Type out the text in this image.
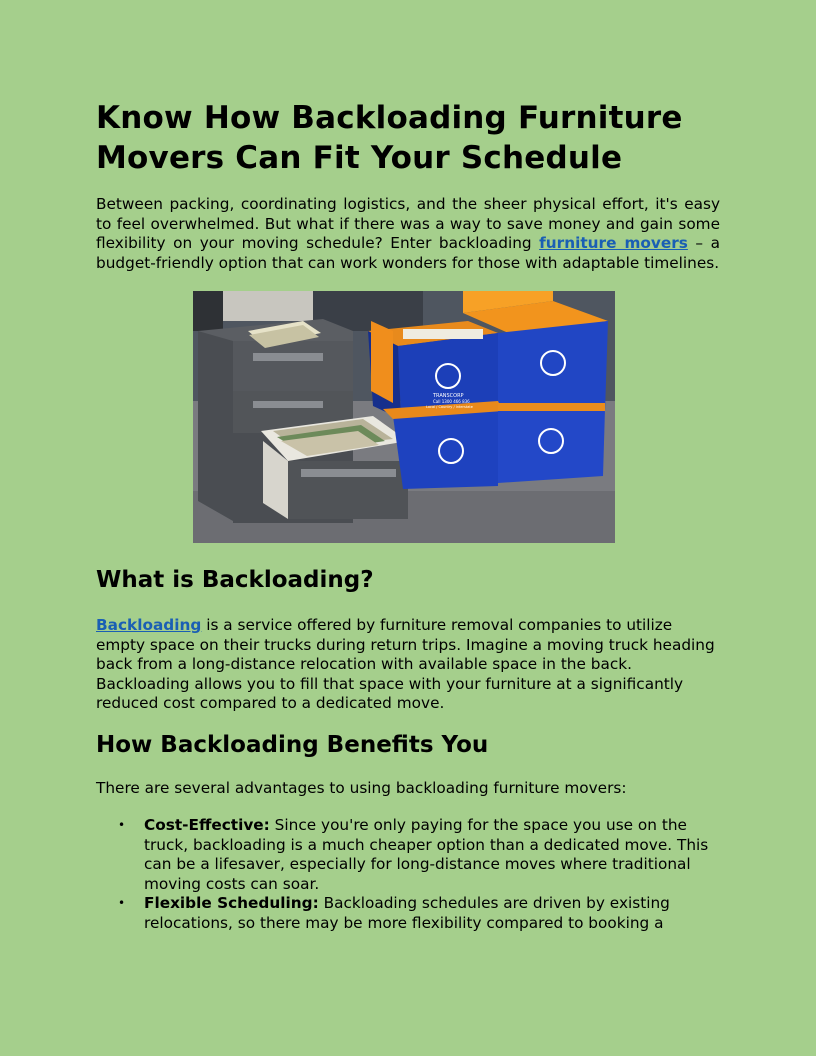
Know How Backloading Furniture Movers Can Fit Your Schedule

Between packing, coordinating logistics, and the sheer physical effort, it's easy to feel overwhelmed. But what if there was a way to save money and gain some flexibility on your moving schedule? Enter backloading furniture movers – a budget-friendly option that can work wonders for those with adaptable timelines.

TRANSCORP
Call 1300 466 836
Local / Country / Interstate
What is Backloading?

Backloading is a service offered by furniture removal companies to utilize empty space on their trucks during return trips. Imagine a moving truck heading back from a long-distance relocation with available space in the back. Backloading allows you to fill that space with your furniture at a significantly reduced cost compared to a dedicated move.

How Backloading Benefits You

There are several advantages to using backloading furniture movers:

• Cost-Effective: Since you're only paying for the space you use on the truck, backloading is a much cheaper option than a dedicated move. This can be a lifesaver, especially for long-distance moves where traditional moving costs can soar.
• Flexible Scheduling: Backloading schedules are driven by existing relocations, so there may be more flexibility compared to booking a
